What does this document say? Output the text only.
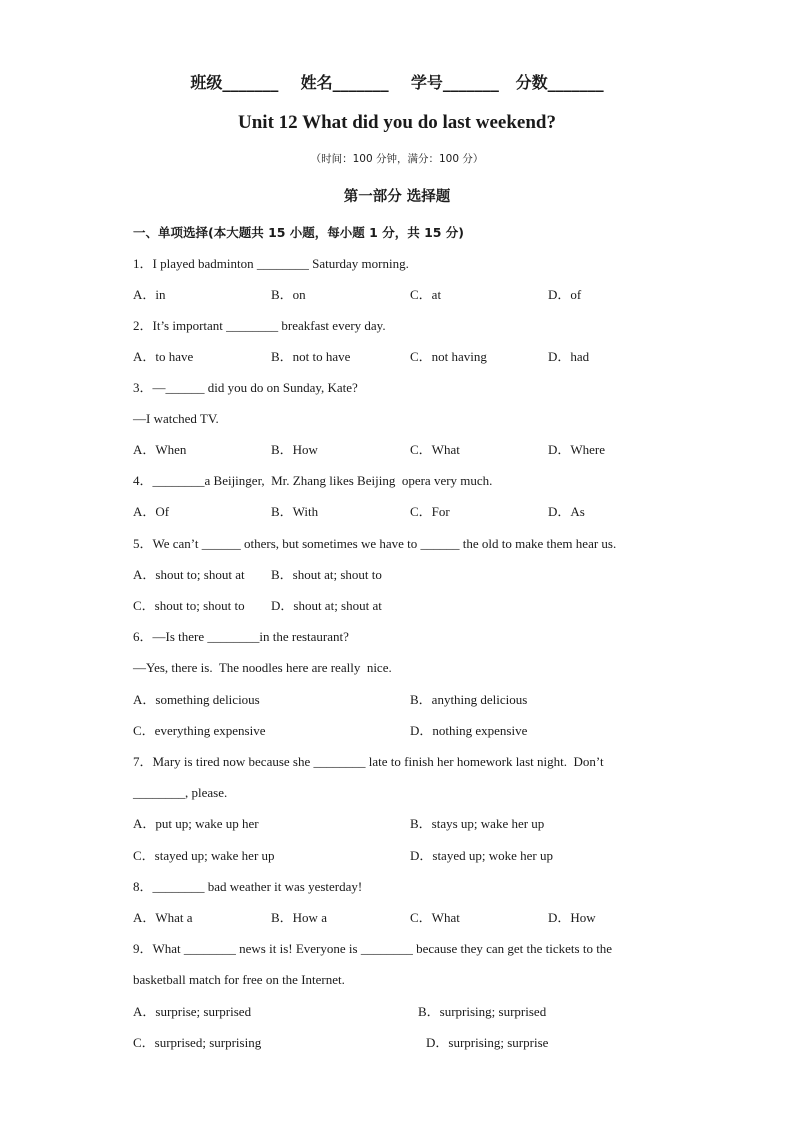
班级_______    姓名_______    学号_______   分数_______
Unit 12 What did you do last weekend?
（时间：100 分钟，满分：100 分）
第一部分 选择题
一、单项选择(本大题共 15 小题，每小题 1 分，共 15 分)
1．I played badminton ________ Saturday morning.
A．in	B．on	C．at	D．of
2．It’s important ________ breakfast every day.
A．to have	B．not to have	C．not having	D．had
3．—______ did you do on Sunday, Kate?
—I watched TV.
A．When	B．How	C．What	D．Where
4．________a Beijinger,  Mr. Zhang likes Beijing  opera very much.
A．Of	B．With	C．For	D．As
5．We can’t ______ others, but sometimes we have to ______ the old to make them hear us.
A．shout to; shout at B．shout at; shout to
C．shout to; shout to D．shout at; shout at
6．—Is there ________in the restaurant?
—Yes, there is.  The noodles here are really  nice.
A．something delicious	B．anything delicious
C．everything expensive	D．nothing expensive
7．Mary is tired now because she ________ late to finish her homework last night.  Don’t
________, please.
A．put up; wake up her	B．stays up; wake her up
C．stayed up; wake her up	D．stayed up; woke her up
8．________ bad weather it was yesterday!
A．What a	B．How a	C．What	D．How
9．What ________ news it is! Everyone is ________ because they can get the tickets to the
basketball match for free on the Internet.
A．surprise; surprised	B．surprising; surprised
C．surprised; surprising	D．surprising; surprise
